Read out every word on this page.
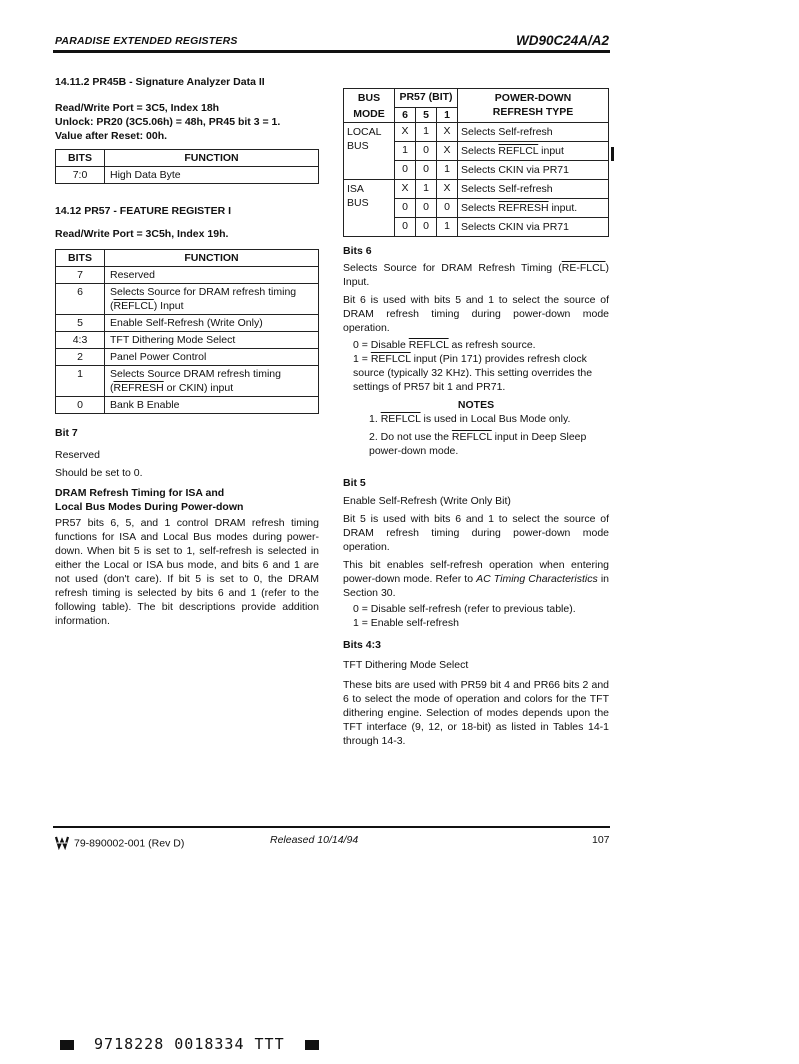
PARADISE EXTENDED REGISTERS	WD90C24A/A2

14.11.2 PR45B - Signature Analyzer Data II

Read/Write Port = 3C5, Index 18h

Unlock: PR20 (3C5.06h) = 48h, PR45 bit 3 = 1.

Value after Reset: 00h.

BITS	FUNCTION
7:0	High Data Byte

14.12 PR57 - FEATURE REGISTER I

Read/Write Port = 3C5h, Index 19h.

BITS	FUNCTION
7	Reserved
6	Selects Source for DRAM refresh timing (REFLCL) Input
5	Enable Self-Refresh (Write Only)
4:3	TFT Dithering Mode Select
2	Panel Power Control
1	Selects Source DRAM refresh timing (REFRESH or CKIN) input
0	Bank B Enable

Bit 7

Reserved

Should be set to 0.

DRAM Refresh Timing for ISA and

Local Bus Modes During Power-down

PR57 bits 6, 5, and 1 control DRAM refresh timing functions for ISA and Local Bus modes during power-down. When bit 5 is set to 1, self-refresh is selected in either the Local or ISA bus mode, and bits 6 and 1 are not used (don't care). If bit 5 is set to 0, the DRAM refresh timing is selected by bits 6 and 1 (refer to the following table). The bit descriptions provide addition information.

BUS	PR57 (BIT)			POWER-DOWN
REFRESH TYPE

MODE	6	5	1	

LOCAL
BUS	X	1	X	Selects Self-refresh
	1	0	X	Selects REFLCL input
	0	0	1	Selects CKIN via PR71

ISA
BUS	X	1	X	Selects Self-refresh
	0	0	0	Selects REFRESH input.
	0	0	1	Selects CKIN via PR71

Bits 6

Selects Source for DRAM Refresh Timing (RE-FLCL) Input.

Bit 6 is used with bits 5 and 1 to select the source of DRAM refresh timing during power-down mode operation.

0 = Disable REFLCL as refresh source.

1 = REFLCL input (Pin 171) provides refresh clock source (typically 32 KHz). This setting overrides the settings of PR57 bit 1 and PR71.

NOTES

1. REFLCL is used in Local Bus Mode only.

2. Do not use the REFLCL input in Deep Sleep power-down mode.

Bit 5

Enable Self-Refresh (Write Only Bit)

Bit 5 is used with bits 6 and 1 to select the source of DRAM refresh timing during power-down mode operation.

This bit enables self-refresh operation when entering power-down mode. Refer to AC Timing Characteristics in Section 30.

0 = Disable self-refresh (refer to previous table).

1 = Enable self-refresh

Bits 4:3

TFT Dithering Mode Select

These bits are used with PR59 bit 4 and PR66 bits 2 and 6 to select the mode of operation and colors for the TFT dithering engine. Selection of modes depends upon the TFT interface (9, 12, or 18-bit) as listed in Tables 14-1 through 14-3.

79-890002-001 (Rev D)	Released 10/14/94	107
9718228 0018334 TTT
